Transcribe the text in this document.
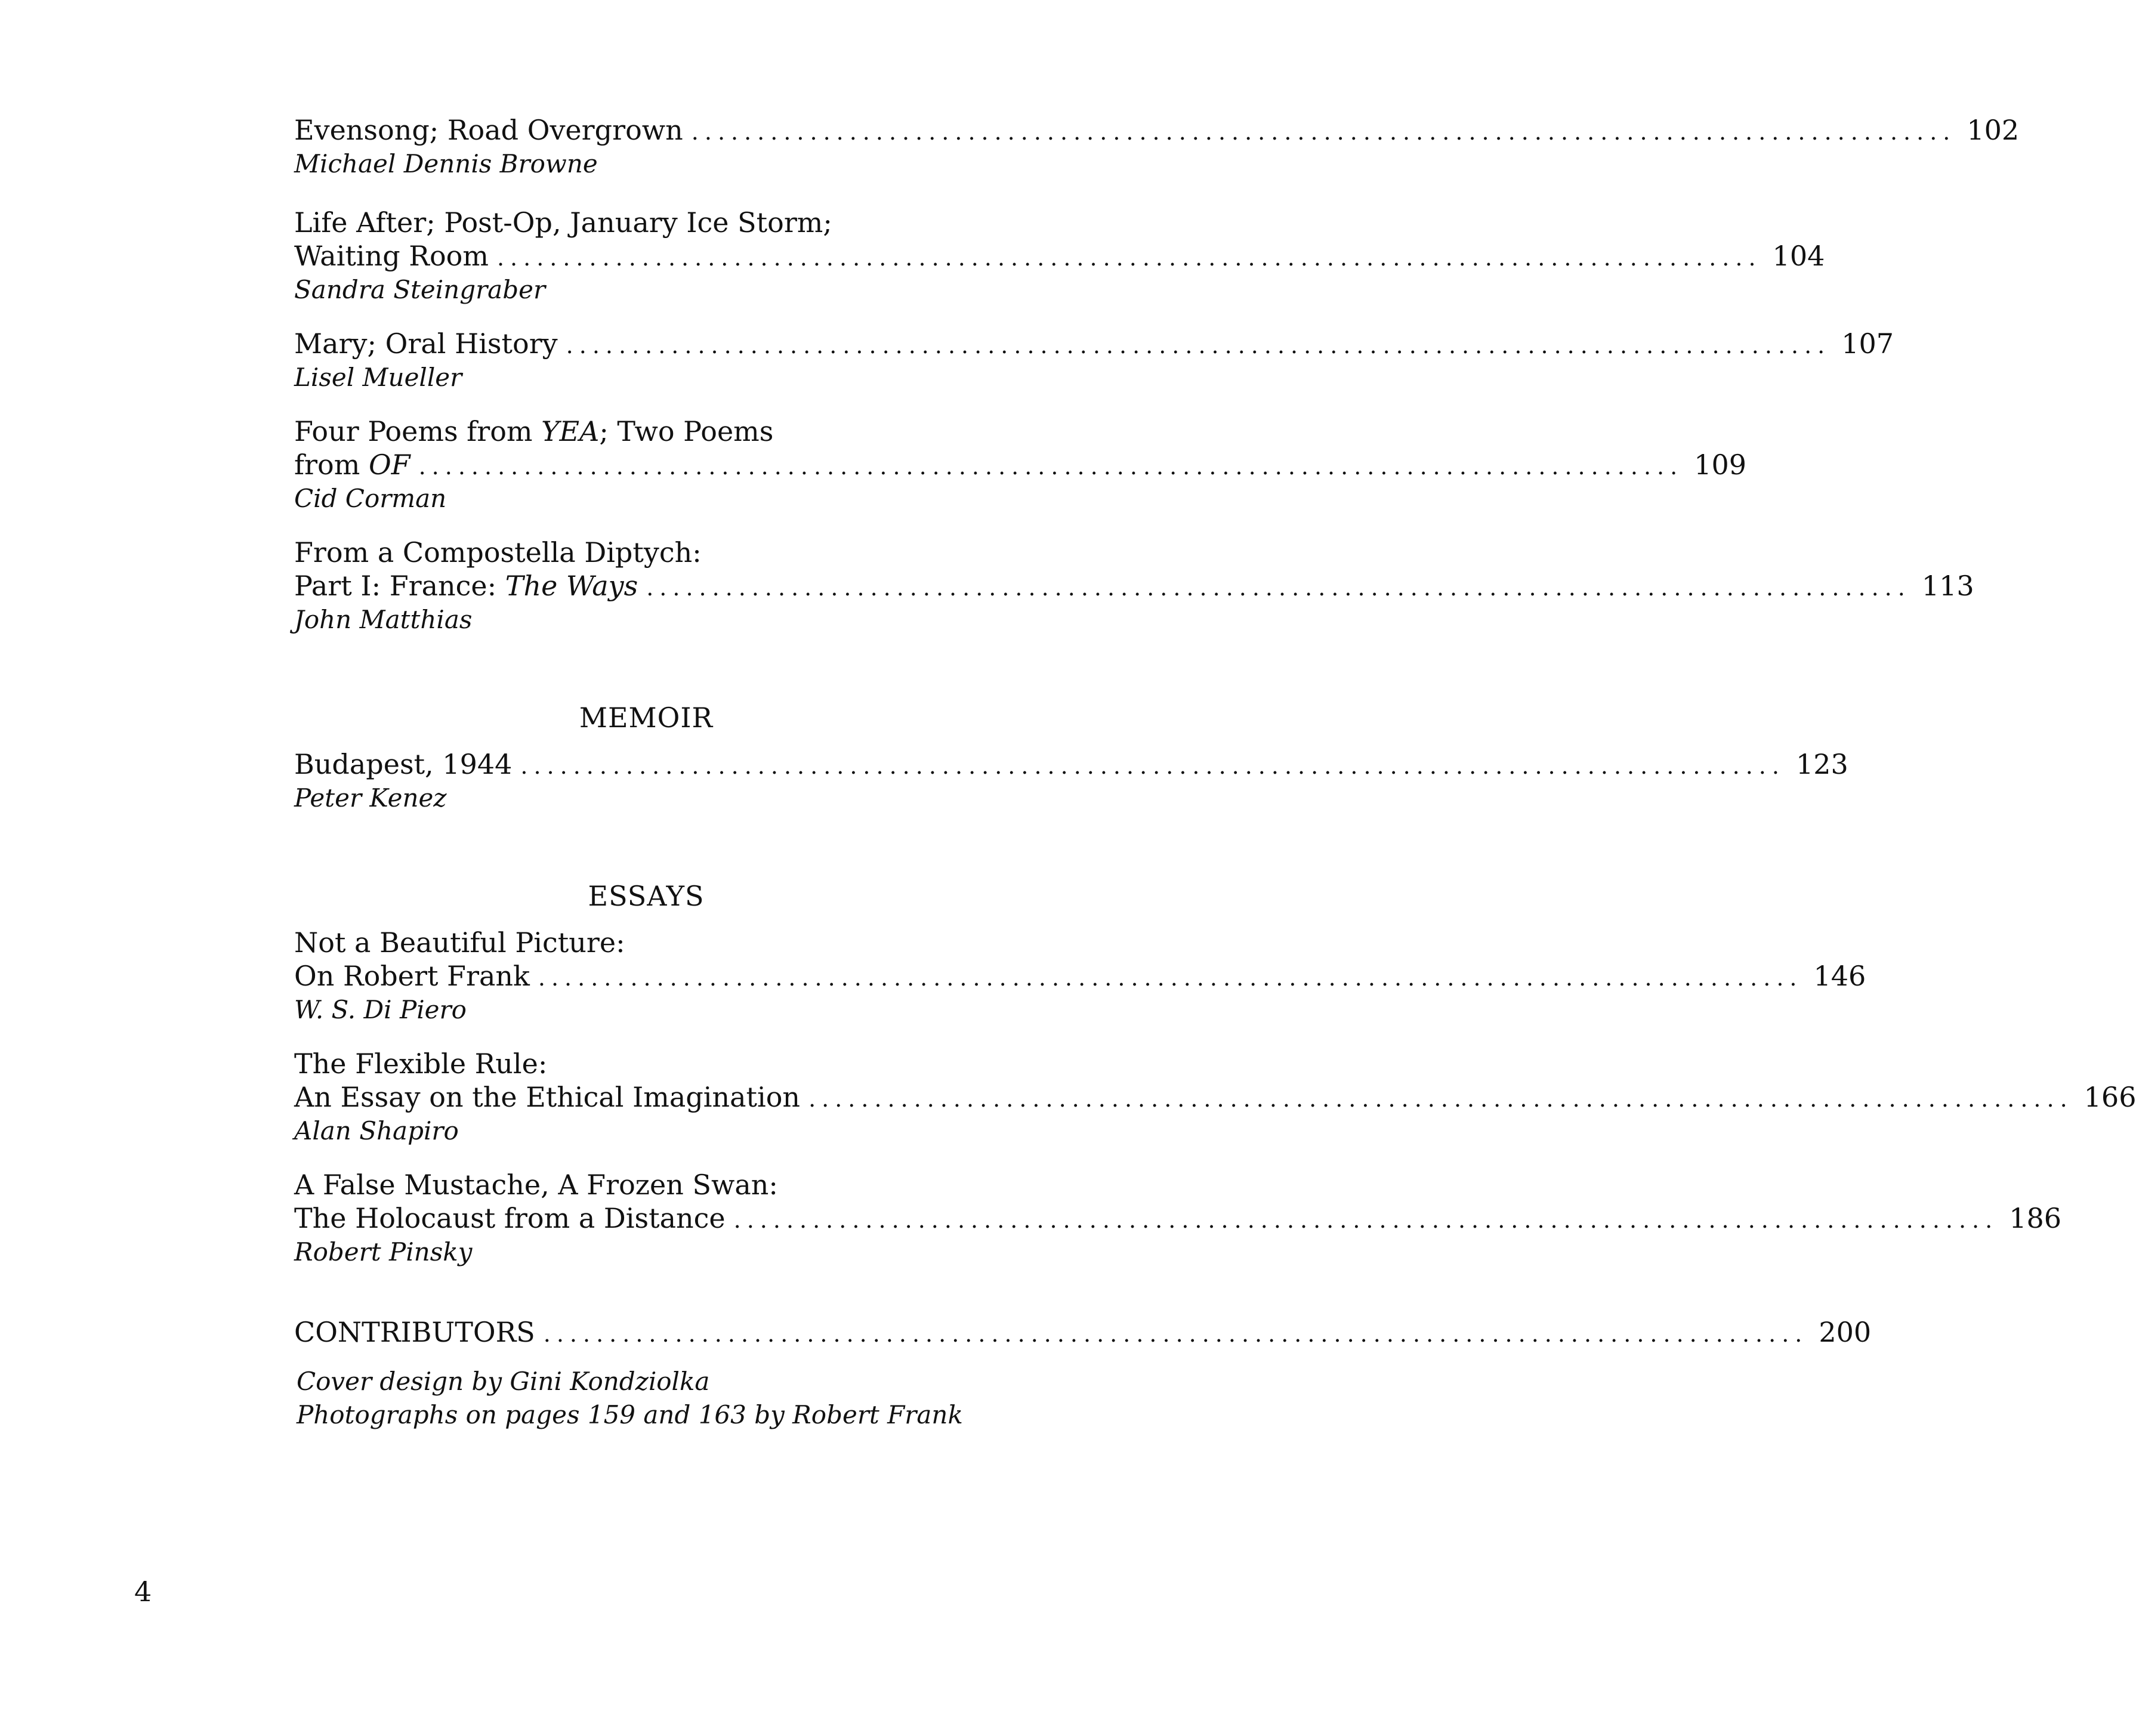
Evensong; Road Overgrown ................................................................................................ 102
Michael Dennis Browne
Life After; Post-Op, January Ice Storm;
Waiting Room ................................................................................................ 104
Sandra Steingraber
Mary; Oral History ................................................................................................ 107
Lisel Mueller
Four Poems from YEA; Two Poems
from OF ................................................................................................ 109
Cid Corman
From a Compostella Diptych:
Part I: France: The Ways ................................................................................................ 113
John Matthias
MEMOIR
Budapest, 1944 ................................................................................................ 123
Peter Kenez
ESSAYS
Not a Beautiful Picture:
On Robert Frank ................................................................................................ 146
W. S. Di Piero
The Flexible Rule:
An Essay on the Ethical Imagination ................................................................................................ 166
Alan Shapiro
A False Mustache, A Frozen Swan:
The Holocaust from a Distance ................................................................................................ 186
Robert Pinsky
CONTRIBUTORS ................................................................................................ 200
Cover design by Gini Kondziolka
Photographs on pages 159 and 163 by Robert Frank
4
